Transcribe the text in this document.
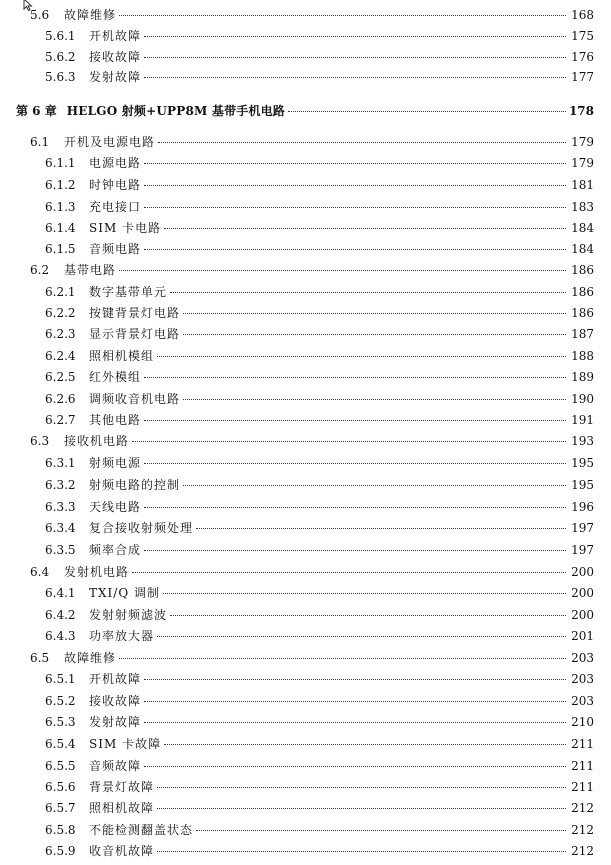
5.6	故障维修	168
5.6.1	开机故障	175
5.6.2	接收故障	176
5.6.3	发射故障	177
第 6 章 HELGO 射频+UPP8M 基带手机电路	178
6.1	开机及电源电路	179
6.1.1	电源电路	179
6.1.2	时钟电路	181
6.1.3	充电接口	183
6.1.4	SIM 卡电路	184
6.1.5	音频电路	184
6.2	基带电路	186
6.2.1	数字基带单元	186
6.2.2	按键背景灯电路	186
6.2.3	显示背景灯电路	187
6.2.4	照相机模组	188
6.2.5	红外模组	189
6.2.6	调频收音机电路	190
6.2.7	其他电路	191
6.3	接收机电路	193
6.3.1	射频电源	195
6.3.2	射频电路的控制	195
6.3.3	天线电路	196
6.3.4	复合接收射频处理	197
6.3.5	频率合成	197
6.4	发射机电路	200
6.4.1	TXI/Q 调制	200
6.4.2	发射射频滤波	200
6.4.3	功率放大器	201
6.5	故障维修	203
6.5.1	开机故障	203
6.5.2	接收故障	203
6.5.3	发射故障	210
6.5.4	SIM 卡故障	211
6.5.5	音频故障	211
6.5.6	背景灯故障	211
6.5.7	照相机故障	212
6.5.8	不能检测翻盖状态	212
6.5.9	收音机故障	212
